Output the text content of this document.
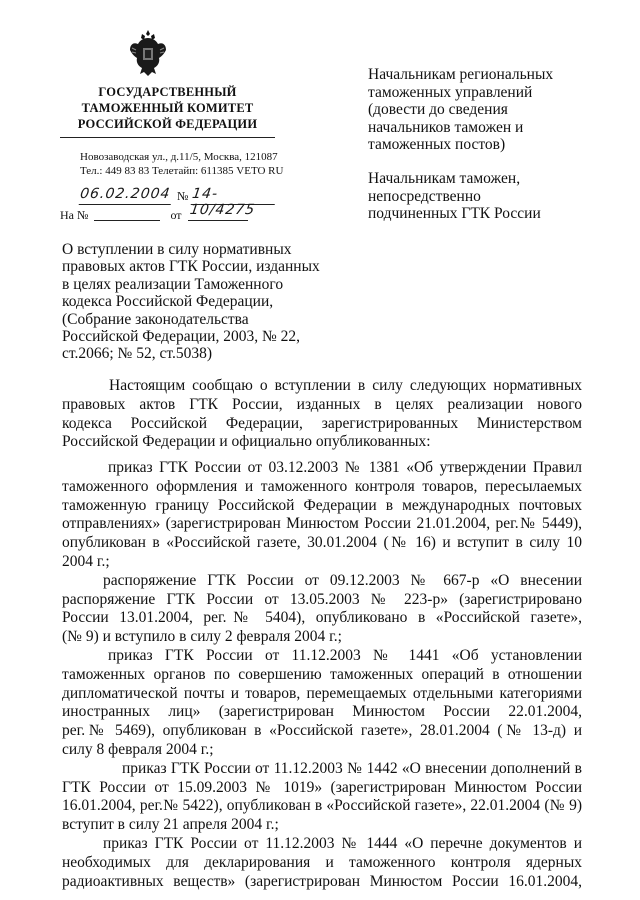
ГОСУДАРСТВЕННЫЙ
ТАМОЖЕННЫЙ КОМИТЕТ
РОССИЙСКОЙ ФЕДЕРАЦИИ
Новозаводская ул., д.11/5, Москва, 121087
Тел.: 449 83 83 Телетайп: 611385 VETO RU
06.02.2004 № 14-10/4275
На №	от
Начальникам региональных
таможенных управлений
(довести до сведения
начальников таможен и
таможенных постов)
Начальникам таможен,
непосредственно
подчиненных ГТК России
О вступлении в силу нормативных
правовых актов ГТК России, изданных
в целях реализации Таможенного
кодекса Российской Федерации,
(Собрание законодательства
Российской Федерации, 2003, № 22,
ст.2066; № 52, ст.5038)
Настоящим сообщаю о вступлении в силу следующих нормативных
правовых актов ГТК России, изданных в целях реализации нового
кодекса Российской Федерации, зарегистрированных Министерством
Российской Федерации и официально опубликованных:
приказ ГТК России от 03.12.2003 № 1381 «Об утверждении Правил
таможенного оформления и таможенного контроля товаров, пересылаемых
таможенную границу Российской Федерации в международных почтовых
отправлениях» (зарегистрирован Минюстом России 21.01.2004, рег.№ 5449),
опубликован в «Российской газете, 30.01.2004 (№ 16) и вступит в силу 10
2004 г.;
распоряжение ГТК России от 09.12.2003 № 667-р «О внесении
распоряжение ГТК России от 13.05.2003 № 223-р» (зарегистрировано
России 13.01.2004, рег.№ 5404), опубликовано в «Российской газете»,
(№ 9) и вступило в силу 2 февраля 2004 г.;
приказ ГТК России от 11.12.2003 № 1441 «Об установлении
таможенных органов по совершению таможенных операций в отношении
дипломатической почты и товаров, перемещаемых отдельными категориями
иностранных лиц» (зарегистрирован Минюстом России 22.01.2004,
рег.№ 5469), опубликован в «Российской газете», 28.01.2004 (№ 13-д) и
силу 8 февраля 2004 г.;
приказ ГТК России от 11.12.2003 № 1442 «О внесении дополнений в
ГТК России от 15.09.2003 № 1019» (зарегистрирован Минюстом России
16.01.2004, рег.№ 5422), опубликован в «Российской газете», 22.01.2004 (№ 9)
вступит в силу 21 апреля 2004 г.;
приказ ГТК России от 11.12.2003 № 1444 «О перечне документов и
необходимых для декларирования и таможенного контроля ядерных
радиоактивных веществ» (зарегистрирован Минюстом России 16.01.2004,
